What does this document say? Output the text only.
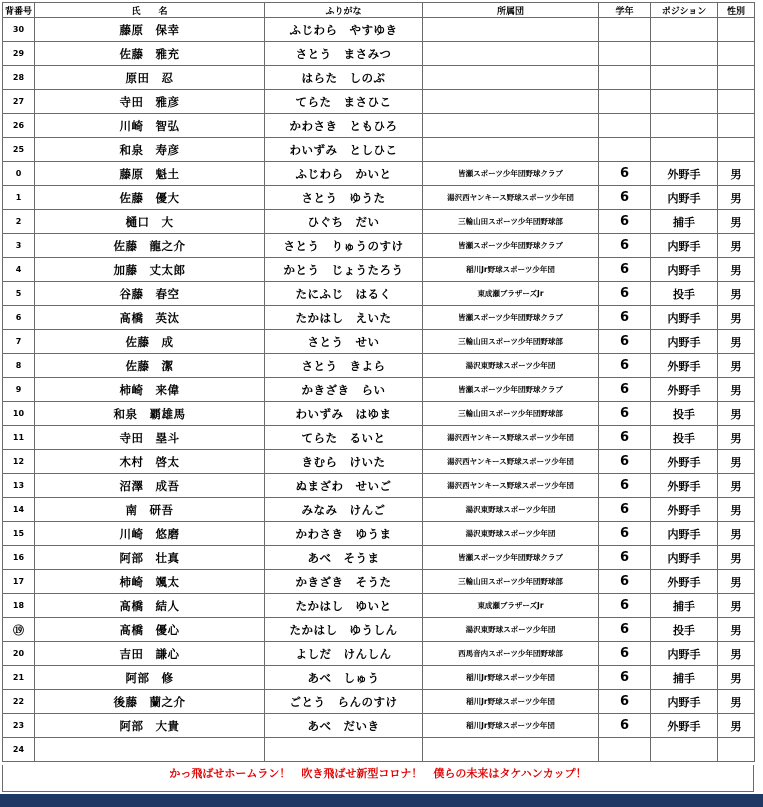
背番号	氏　　名	ふりがな	所属団	学年	ポジション	性別
30	藤原　保幸	ふじわら　やすゆき				
29	佐藤　雅充	さとう　まさみつ				
28	原田　忍	はらた　しのぶ				
27	寺田　雅彦	てらた　まさひこ				
26	川崎　智弘	かわさき　ともひろ				
25	和泉　寿彦	わいずみ　としひこ				
0	藤原　魁土	ふじわら　かいと	皆瀬スポーツ少年団野球クラブ	6	外野手	男
1	佐藤　優大	さとう　ゆうた	湯沢西ヤンキース野球スポーツ少年団	6	内野手	男
2	樋口　大	ひぐち　だい	三輪山田スポーツ少年団野球部	6	捕手	男
3	佐藤　龍之介	さとう　りゅうのすけ	皆瀬スポーツ少年団野球クラブ	6	内野手	男
4	加藤　丈太郎	かとう　じょうたろう	稲川Jr野球スポーツ少年団	6	内野手	男
5	谷藤　春空	たにふじ　はるく	東成瀬ブラザーズJr	6	投手	男
6	髙橋　英汰	たかはし　えいた	皆瀬スポーツ少年団野球クラブ	6	内野手	男
7	佐藤　成	さとう　せい	三輪山田スポーツ少年団野球部	6	内野手	男
8	佐藤　潔	さとう　きよら	湯沢東野球スポーツ少年団	6	外野手	男
9	柿崎　来偉	かきざき　らい	皆瀬スポーツ少年団野球クラブ	6	外野手	男
10	和泉　覇雄馬	わいずみ　はゆま	三輪山田スポーツ少年団野球部	6	投手	男
11	寺田　塁斗	てらた　るいと	湯沢西ヤンキース野球スポーツ少年団	6	投手	男
12	木村　啓太	きむら　けいた	湯沢西ヤンキース野球スポーツ少年団	6	外野手	男
13	沼澤　成吾	ぬまざわ　せいご	湯沢西ヤンキース野球スポーツ少年団	6	外野手	男
14	南　研吾	みなみ　けんご	湯沢東野球スポーツ少年団	6	外野手	男
15	川崎　悠磨	かわさき　ゆうま	湯沢東野球スポーツ少年団	6	内野手	男
16	阿部　壮真	あべ　そうま	皆瀬スポーツ少年団野球クラブ	6	内野手	男
17	柿崎　颯太	かきざき　そうた	三輪山田スポーツ少年団野球部	6	外野手	男
18	髙橋　結人	たかはし　ゆいと	東成瀬ブラザーズJr	6	捕手	男
⑲	髙橋　優心	たかはし　ゆうしん	湯沢東野球スポーツ少年団	6	投手	男
20	吉田　謙心	よしだ　けんしん	西馬音内スポーツ少年団野球部	6	内野手	男
21	阿部　修	あべ　しゅう	稲川Jr野球スポーツ少年団	6	捕手	男
22	後藤　蘭之介	ごとう　らんのすけ	稲川Jr野球スポーツ少年団	6	内野手	男
23	阿部　大貴	あべ　だいき	稲川Jr野球スポーツ少年団	6	外野手	男
24						
かっ飛ばせホームラン！　吹き飛ばせ新型コロナ！　僕らの未来はタケハンカップ！
